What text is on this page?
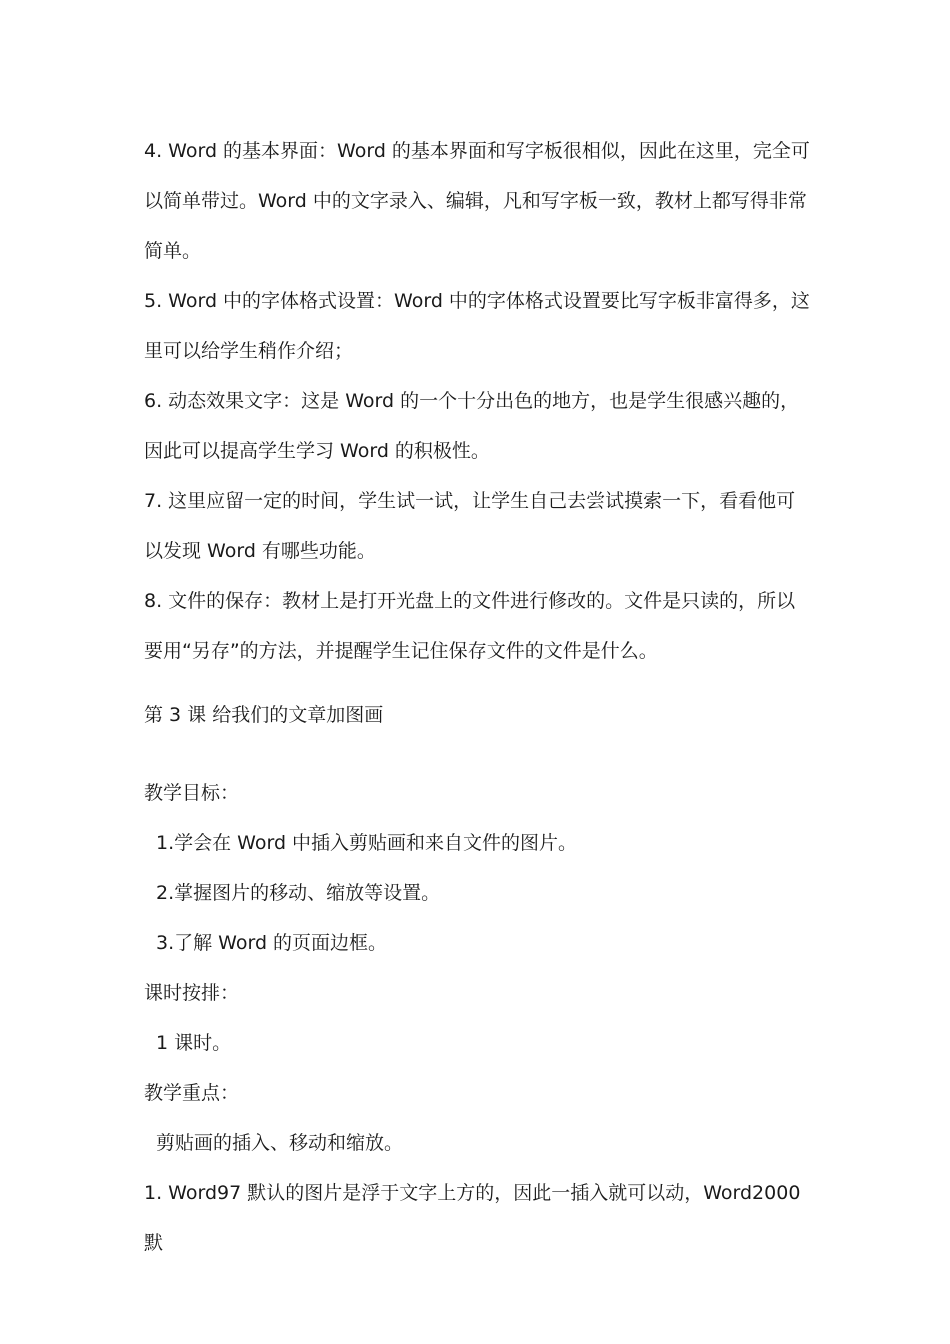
4. Word 的基本界面：Word 的基本界面和写字板很相似，因此在这里，完全可以简单带过。Word 中的文字录入、编辑，凡和写字板一致，教材上都写得非常简单。

5. Word 中的字体格式设置：Word 中的字体格式设置要比写字板非富得多，这里可以给学生稍作介绍；

6. 动态效果文字：这是 Word 的一个十分出色的地方，也是学生很感兴趣的，因此可以提高学生学习 Word 的积极性。

7. 这里应留一定的时间，学生试一试，让学生自己去尝试摸索一下，看看他可以发现 Word 有哪些功能。

8. 文件的保存：教材上是打开光盘上的文件进行修改的。文件是只读的，所以要用“另存”的方法，并提醒学生记住保存文件的文件是什么。

第 3 课 给我们的文章加图画

教学目标：

1.学会在 Word 中插入剪贴画和来自文件的图片。

2.掌握图片的移动、缩放等设置。

3.了解 Word 的页面边框。

课时按排：

1 课时。

教学重点：

剪贴画的插入、移动和缩放。

1. Word97 默认的图片是浮于文字上方的，因此一插入就可以动，Word2000 默
